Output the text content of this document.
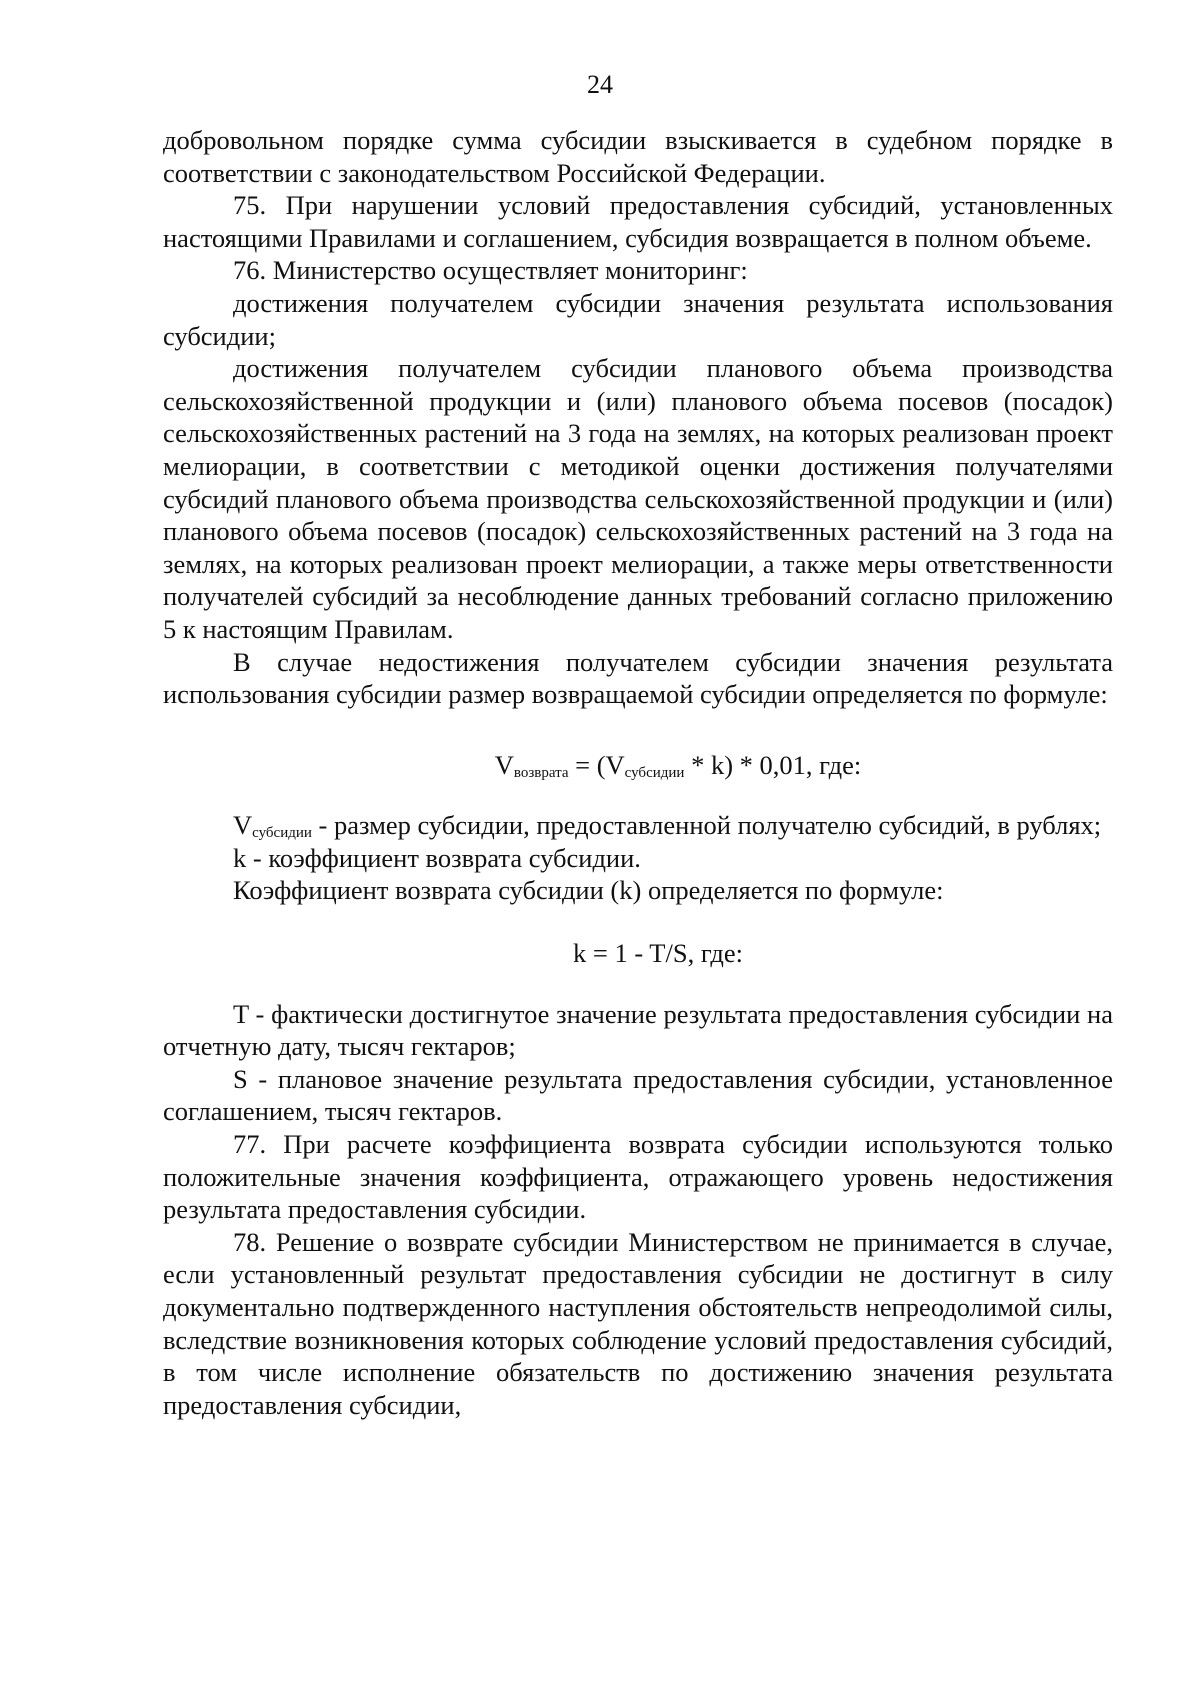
24

добровольном порядке сумма субсидии взыскивается в судебном порядке в соответствии с законодательством Российской Федерации.

75. При нарушении условий предоставления субсидий, установленных настоящими Правилами и соглашением, субсидия возвращается в полном объеме.

76. Министерство осуществляет мониторинг:

достижения получателем субсидии значения результата использования субсидии;

достижения получателем субсидии планового объема производства сельскохозяйственной продукции и (или) планового объема посевов (посадок) сельскохозяйственных растений на 3 года на землях, на которых реализован проект мелиорации, в соответствии с методикой оценки достижения получателями субсидий планового объема производства сельскохозяйственной продукции и (или) планового объема посевов (посадок) сельскохозяйственных растений на 3 года на землях, на которых реализован проект мелиорации, а также меры ответственности получателей субсидий за несоблюдение данных требований согласно приложению 5 к настоящим Правилам.

В случае недостижения получателем субсидии значения результата использования субсидии размер возвращаемой субсидии определяется по формуле:

$V_{возврата} = (V_{субсидии} * k) * 0,01$, где:

$V_{субсидии}$ - размер субсидии, предоставленной получателю субсидий, в рублях;

k - коэффициент возврата субсидии.

Коэффициент возврата субсидии (k) определяется по формуле:

k = 1 - T/S, где:

T - фактически достигнутое значение результата предоставления субсидии на отчетную дату, тысяч гектаров;

S - плановое значение результата предоставления субсидии, установленное соглашением, тысяч гектаров.

77. При расчете коэффициента возврата субсидии используются только положительные значения коэффициента, отражающего уровень недостижения результата предоставления субсидии.

78. Решение о возврате субсидии Министерством не принимается в случае, если установленный результат предоставления субсидии не достигнут в силу документально подтвержденного наступления обстоятельств непреодолимой силы, вследствие возникновения которых соблюдение условий предоставления субсидий, в том числе исполнение обязательств по достижению значения результата предоставления субсидии,
